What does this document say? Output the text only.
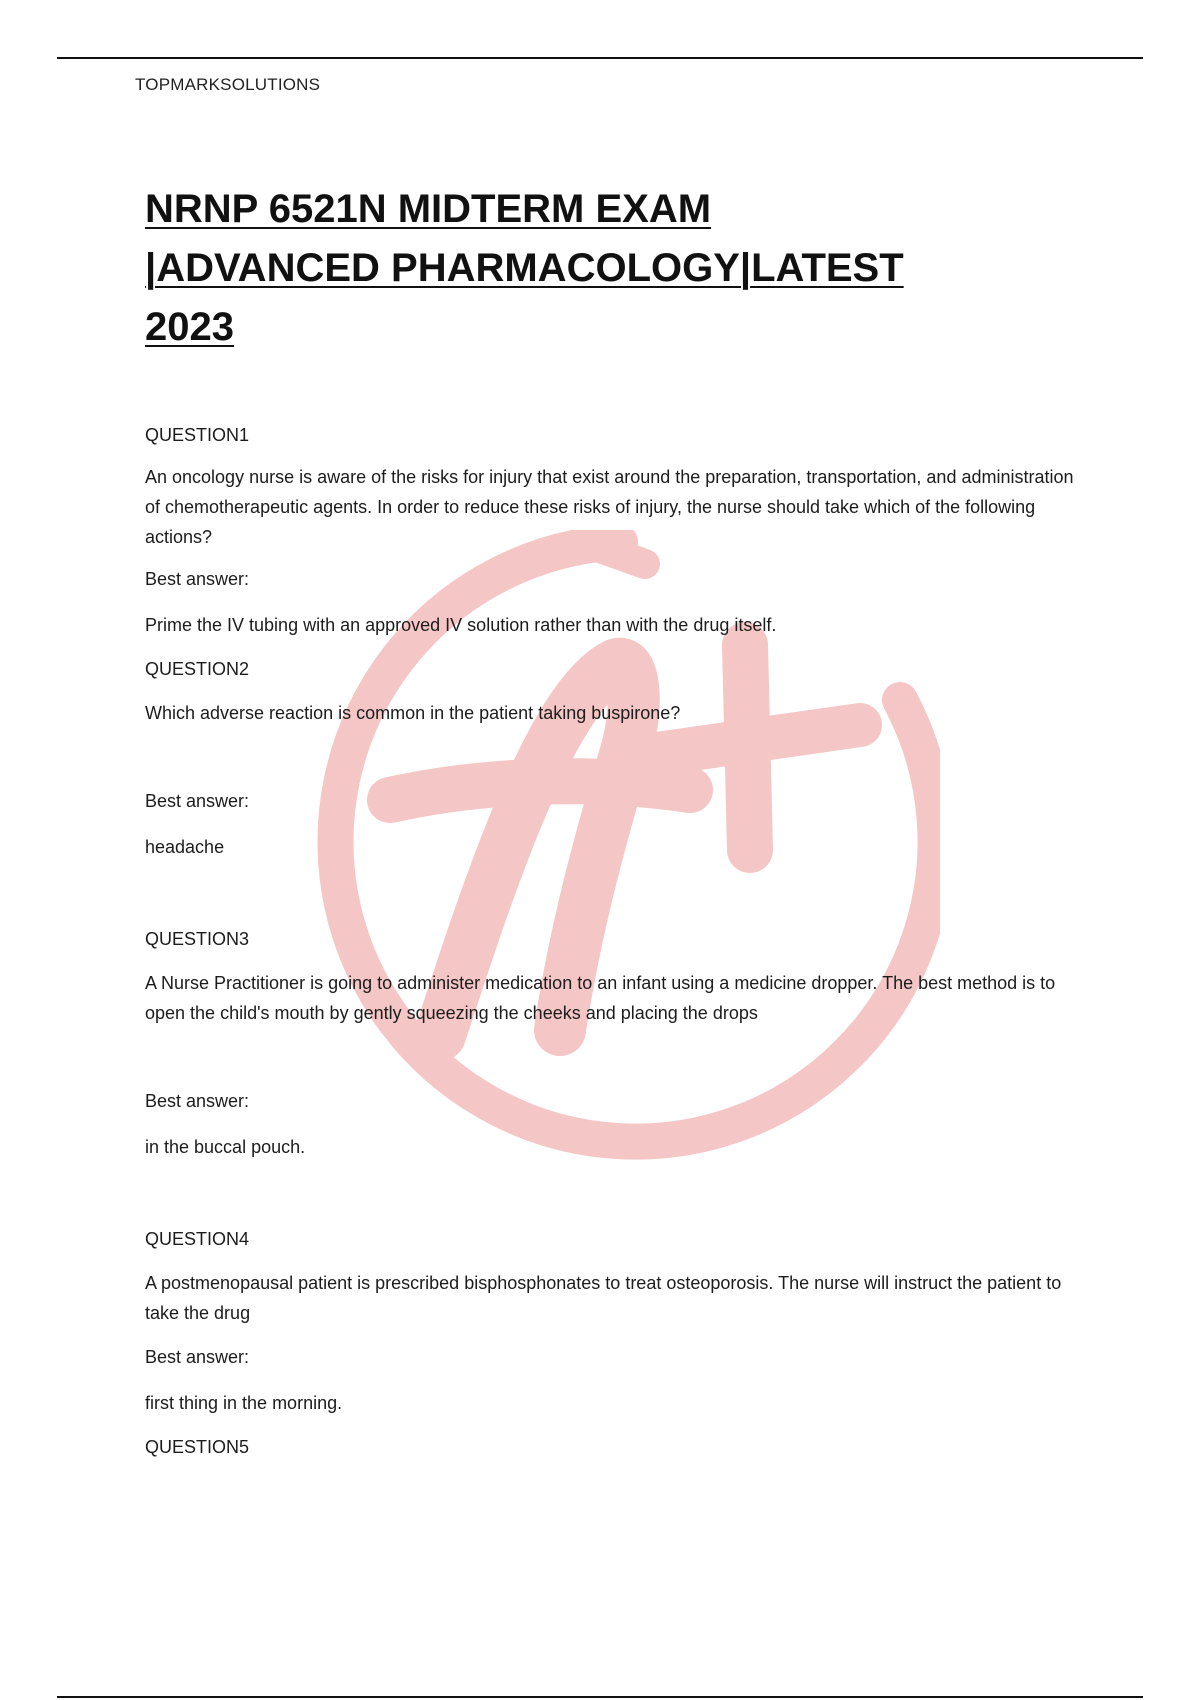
TOPMARKSOLUTIONS
NRNP 6521N MIDTERM EXAM
|ADVANCED PHARMACOLOGY|LATEST
2023

QUESTION1

An oncology nurse is aware of the risks for injury that exist around the preparation, transportation, and administration of chemotherapeutic agents. In order to reduce these risks of injury, the nurse should take which of the following actions?

Best answer:

Prime the IV tubing with an approved IV solution rather than with the drug itself.

QUESTION2

Which adverse reaction is common in the patient taking buspirone?

Best answer:

headache

QUESTION3

A Nurse Practitioner is going to administer medication to an infant using a medicine dropper. The best method is to open the child's mouth by gently squeezing the cheeks and placing the drops

Best answer:

in the buccal pouch.

QUESTION4

A postmenopausal patient is prescribed bisphosphonates to treat osteoporosis. The nurse will instruct the patient to take the drug

Best answer:

first thing in the morning.

QUESTION5
